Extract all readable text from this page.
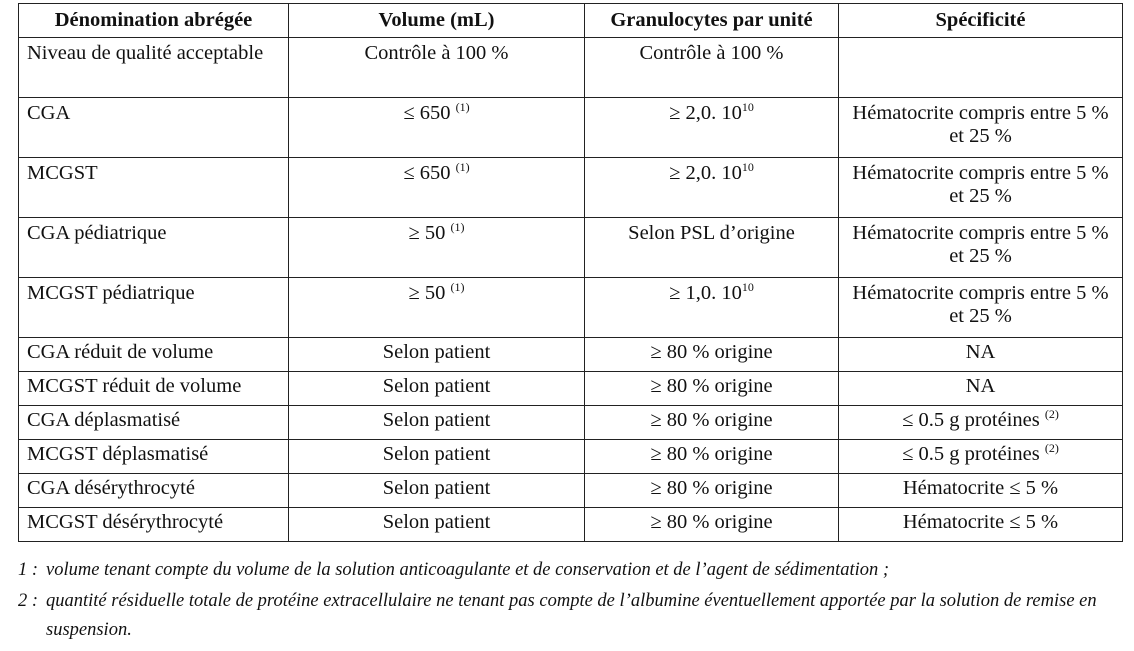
Dénomination abrégée	Volume (mL)	Granulocytes par unité	Spécificité
Niveau de qualité acceptable	Contrôle à 100 %	Contrôle à 100 %	
CGA	≤ 650 $^{(1)}$	≥ 2,0. $10^{10}$	Hématocrite compris entre 5 % et 25 %
MCGST	≤ 650 $^{(1)}$	≥ 2,0. $10^{10}$	Hématocrite compris entre 5 % et 25 %
CGA pédiatrique	≥ 50 $^{(1)}$	Selon PSL d’origine	Hématocrite compris entre 5 % et 25 %
MCGST pédiatrique	≥ 50 $^{(1)}$	≥ 1,0. $10^{10}$	Hématocrite compris entre 5 % et 25 %
CGA réduit de volume	Selon patient	≥ 80 % origine	NA
MCGST réduit de volume	Selon patient	≥ 80 % origine	NA
CGA déplasmatisé	Selon patient	≥ 80 % origine	≤ 0.5 g protéines $^{(2)}$
MCGST déplasmatisé	Selon patient	≥ 80 % origine	≤ 0.5 g protéines $^{(2)}$
CGA désérythrocyté	Selon patient	≥ 80 % origine	Hématocrite ≤ 5 %
MCGST désérythrocyté	Selon patient	≥ 80 % origine	Hématocrite ≤ 5 %
1 : volume tenant compte du volume de la solution anticoagulante et de conservation et de l’agent de sédimentation ;
2 : quantité résiduelle totale de protéine extracellulaire ne tenant pas compte de l’albumine éventuellement apportée par la solution de remise en suspension.
